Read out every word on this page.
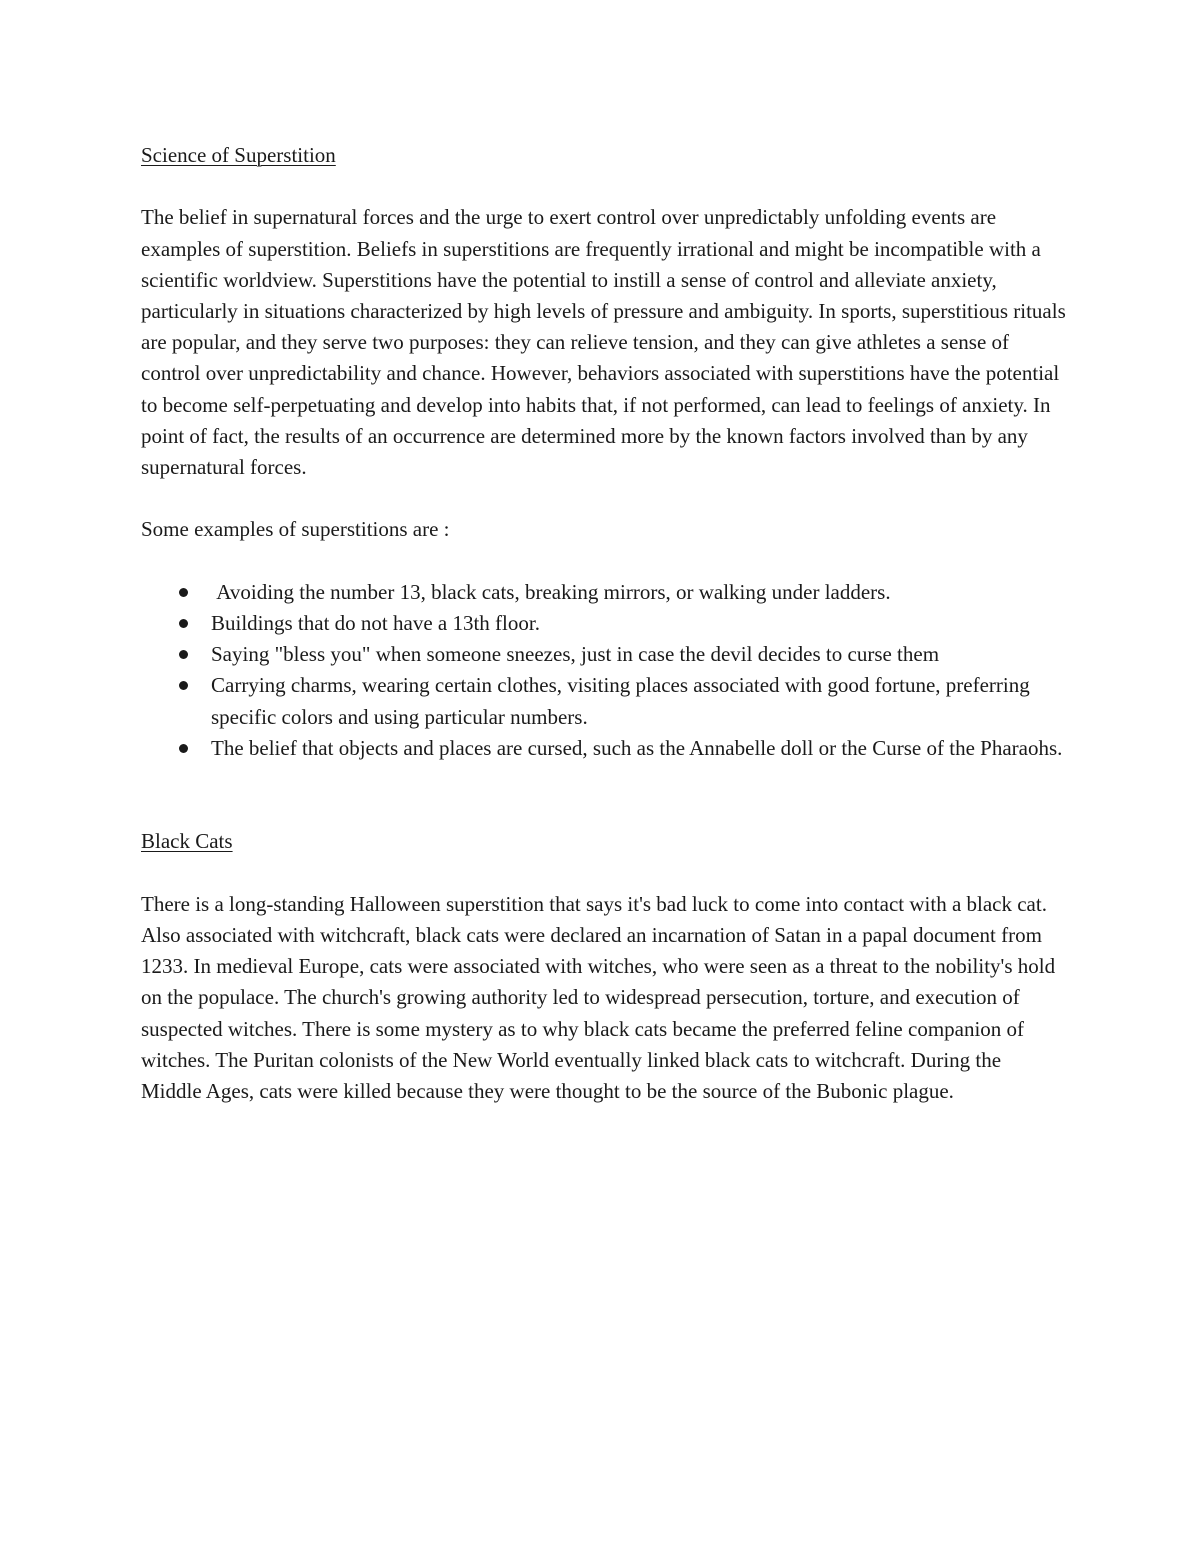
Science of Superstition

The belief in supernatural forces and the urge to exert control over unpredictably unfolding events are examples of superstition. Beliefs in superstitions are frequently irrational and might be incompatible with a scientific worldview. Superstitions have the potential to instill a sense of control and alleviate anxiety, particularly in situations characterized by high levels of pressure and ambiguity. In sports, superstitious rituals are popular, and they serve two purposes: they can relieve tension, and they can give athletes a sense of control over unpredictability and chance. However, behaviors associated with superstitions have the potential to become self-perpetuating and develop into habits that, if not performed, can lead to feelings of anxiety. In point of fact, the results of an occurrence are determined more by the known factors involved than by any supernatural forces.

Some examples of superstitions are :

Avoiding the number 13, black cats, breaking mirrors, or walking under ladders.
Buildings that do not have a 13th floor.
Saying "bless you" when someone sneezes, just in case the devil decides to curse them
Carrying charms, wearing certain clothes, visiting places associated with good fortune, preferring specific colors and using particular numbers.
The belief that objects and places are cursed, such as the Annabelle doll or the Curse of the Pharaohs.
Black Cats

There is a long-standing Halloween superstition that says it's bad luck to come into contact with a black cat. Also associated with witchcraft, black cats were declared an incarnation of Satan in a papal document from 1233. In medieval Europe, cats were associated with witches, who were seen as a threat to the nobility's hold on the populace. The church's growing authority led to widespread persecution, torture, and execution of suspected witches. There is some mystery as to why black cats became the preferred feline companion of witches. The Puritan colonists of the New World eventually linked black cats to witchcraft. During the Middle Ages, cats were killed because they were thought to be the source of the Bubonic plague.
